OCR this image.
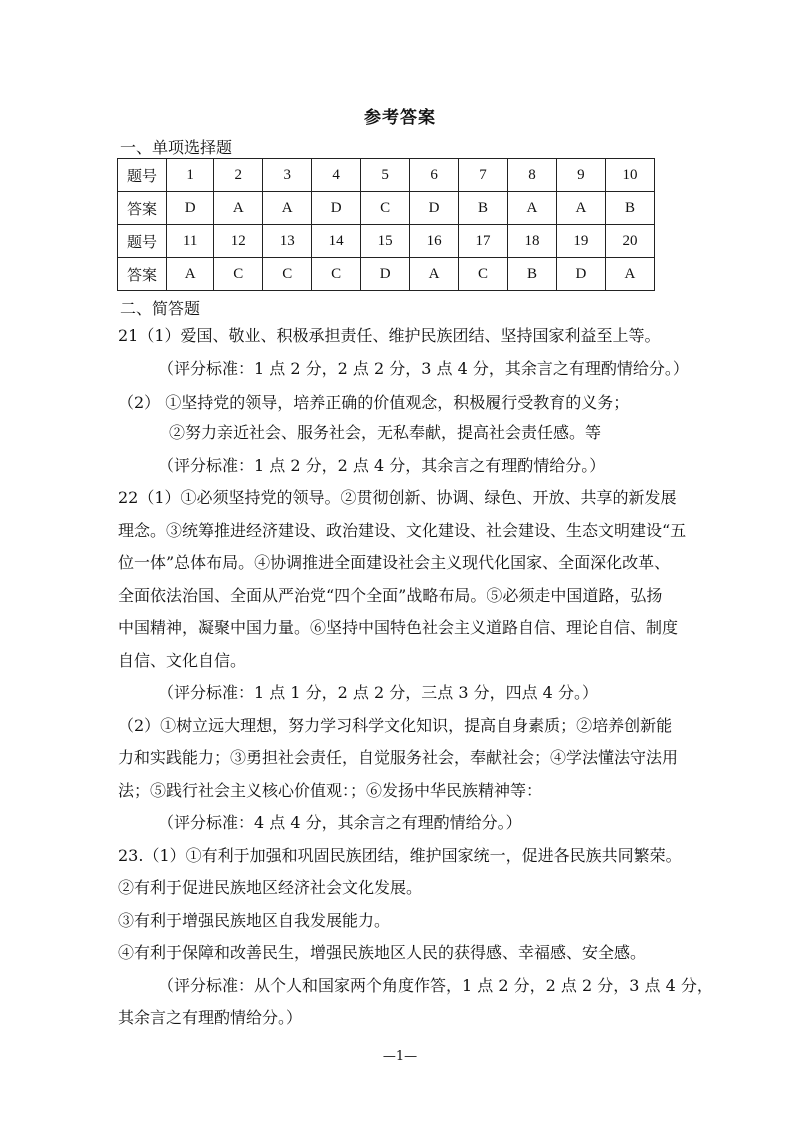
参考答案
一、单项选择题
题号	1	2	3	4	5	6	7	8	9	10
答案	D	A	A	D	C	D	B	A	A	B
题号	11	12	13	14	15	16	17	18	19	20
答案	A	C	C	C	D	A	C	B	D	A
二、简答题
21（1）爱国、敬业、积极承担责任、维护民族团结、坚持国家利益至上等。
（评分标准：1 点 2 分，2 点 2 分，3 点 4 分，其余言之有理酌情给分。）
（2） ①坚持党的领导，培养正确的价值观念，积极履行受教育的义务；
②努力亲近社会、服务社会，无私奉献，提高社会责任感。等
（评分标准：1 点 2 分，2 点 4 分，其余言之有理酌情给分。）
22（1）①必须坚持党的领导。②贯彻创新、协调、绿色、开放、共享的新发展
理念。③统筹推进经济建设、政治建设、文化建设、社会建设、生态文明建设“五
位一体”总体布局。④协调推进全面建设社会主义现代化国家、全面深化改革、
全面依法治国、全面从严治党“四个全面”战略布局。⑤必须走中国道路，弘扬
中国精神，凝聚中国力量。⑥坚持中国特色社会主义道路自信、理论自信、制度
自信、文化自信。
（评分标准：1 点 1 分，2 点 2 分，三点 3 分，四点 4 分。）
（2）①树立远大理想，努力学习科学文化知识，提高自身素质；②培养创新能
力和实践能力；③勇担社会责任，自觉服务社会，奉献社会；④学法懂法守法用
法；⑤践行社会主义核心价值观：；⑥发扬中华民族精神等：
（评分标准：4 点 4 分，其余言之有理酌情给分。）
23.（1）①有利于加强和巩固民族团结，维护国家统一，促进各民族共同繁荣。
②有利于促进民族地区经济社会文化发展。
③有利于增强民族地区自我发展能力。
④有利于保障和改善民生，增强民族地区人民的获得感、幸福感、安全感。
（评分标准：从个人和国家两个角度作答，1 点 2 分，2 点 2 分，3 点 4 分，
其余言之有理酌情给分。）
—1—
